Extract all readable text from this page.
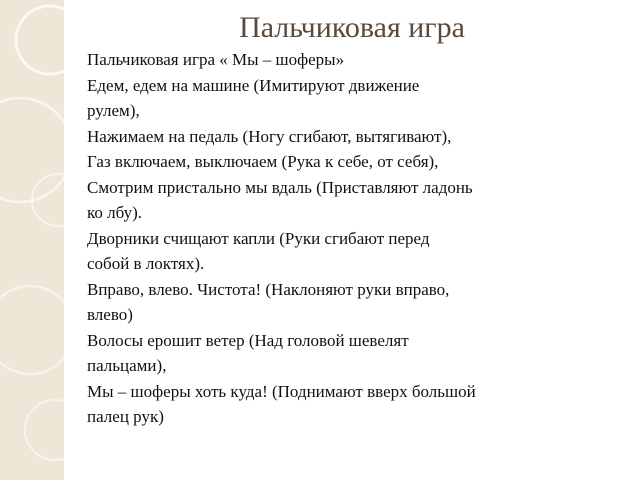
Пальчиковая игра
Пальчиковая игра « Мы – шоферы»
Едем, едем на машине (Имитируют движение
рулем),
Нажимаем на педаль (Ногу сгибают, вытягивают),
Газ включаем, выключаем (Рука к себе, от себя),
Смотрим пристально мы вдаль (Приставляют ладонь
ко лбу).
Дворники счищают капли (Руки сгибают перед
собой в локтях).
Вправо, влево. Чистота! (Наклоняют руки вправо,
влево)
Волосы ерошит ветер (Над головой шевелят
пальцами),
Мы – шоферы хоть куда! (Поднимают вверх большой
палец рук)
